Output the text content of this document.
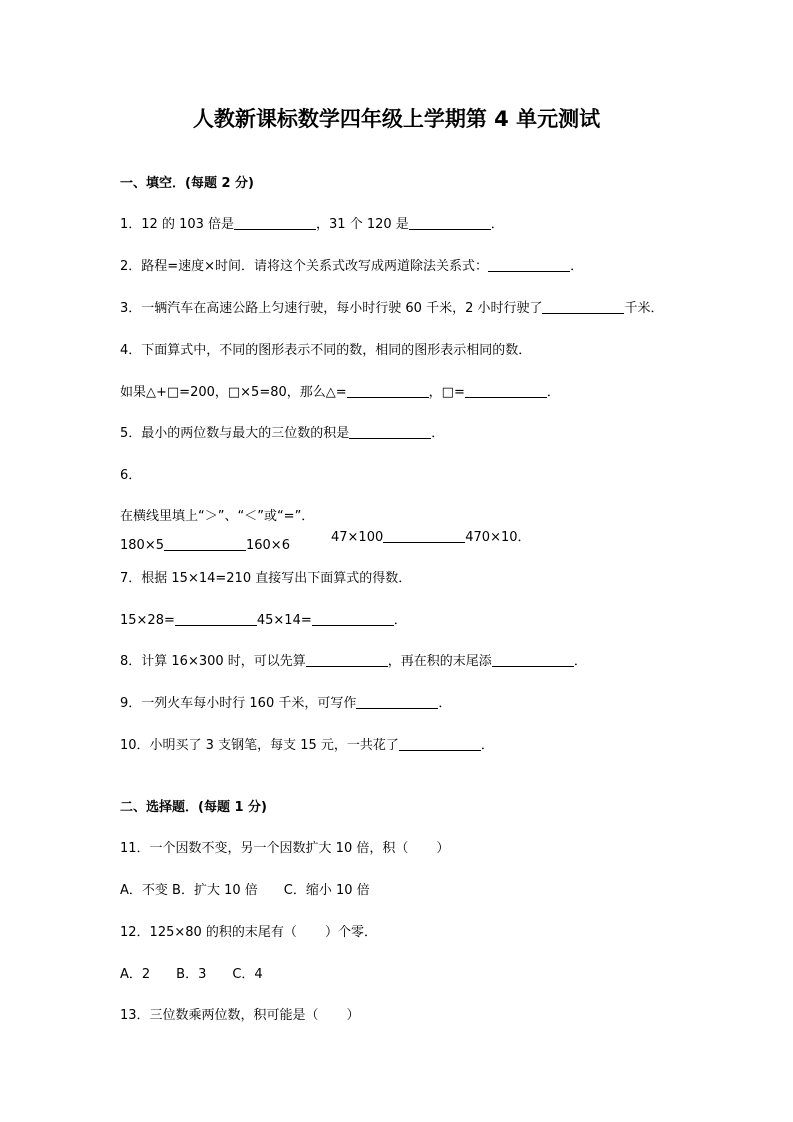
人教新课标数学四年级上学期第 4 单元测试
一、填空．(每题 2 分)
1．12 的 103 倍是	，31 个 120 是	．
2．路程=速度×时间．请将这个关系式改写成两道除法关系式：	．
3．一辆汽车在高速公路上匀速行驶，每小时行驶 60 千米，2 小时行驶了	千米．
4．下面算式中，不同的图形表示不同的数，相同的图形表示相同的数．
如果△+□=200，□×5=80，那么△=	，□=	．
5．最小的两位数与最大的三位数的积是	．
6．
在横线里填上“＞”、“＜”或“=”．
180×5	160×6
47×100	470×10．
7．根据 15×14=210 直接写出下面算式的得数．
15×28=	45×14=	．
8．计算 16×300 时，可以先算	，再在积的末尾添	．
9．一列火车每小时行 160 千米，可写作	．
10．小明买了 3 支钢笔，每支 15 元，一共花了	．
二、选择题．(每题 1 分)
11．一个因数不变，另一个因数扩大 10 倍，积（ ）
A．不变 B．扩大 10 倍　　C．缩小 10 倍
12．125×80 的积的末尾有（ ）个零．
A．2　　B．3　　C．4
13．三位数乘两位数，积可能是（ ）
